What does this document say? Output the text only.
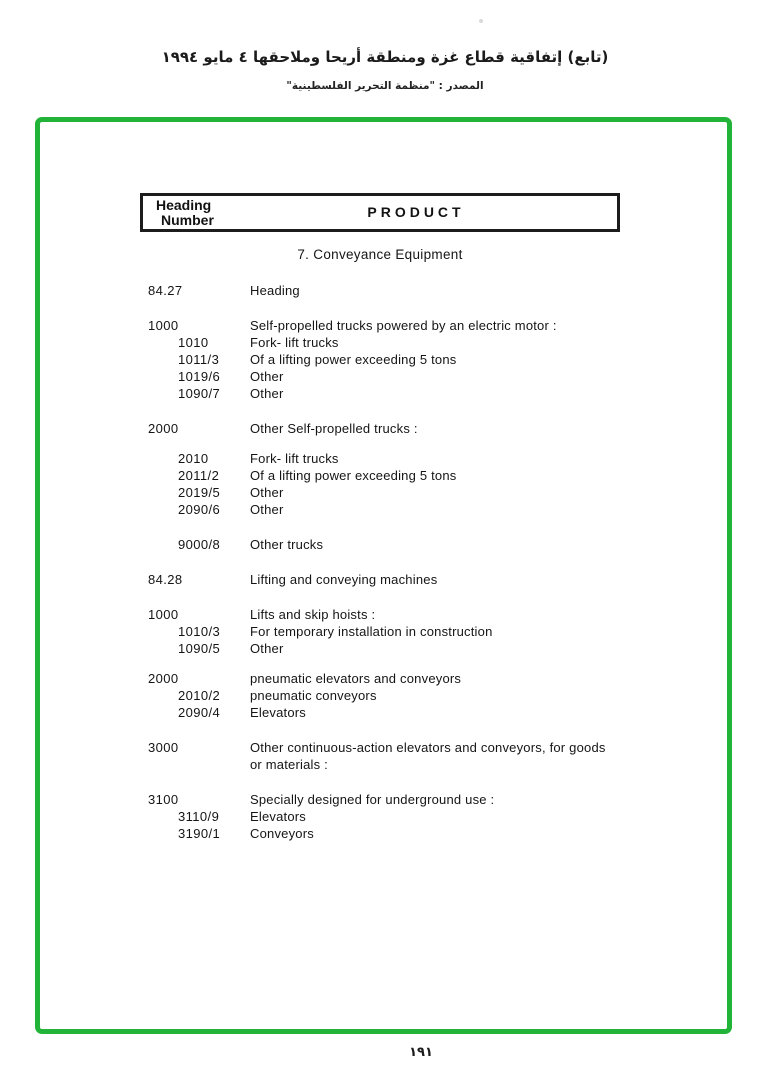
(تابع) إتفاقية قطاع غزة ومنطقة أريحا وملاحقها ٤ مايو ١٩٩٤
المصدر : "منظمة التحرير الفلسطينية"
Heading
Number	PRODUCT
7. Conveyance Equipment
84.27	Heading
1000	Self-propelled trucks powered by an electric motor :
1010	Fork- lift trucks
1011/3	Of a lifting power exceeding 5 tons
1019/6	Other
1090/7	Other
2000	Other Self-propelled trucks :
2010	Fork- lift trucks
2011/2	Of a lifting power exceeding 5 tons
2019/5	Other
2090/6	Other
9000/8	Other trucks
84.28	Lifting and conveying machines
1000	Lifts and skip hoists :
1010/3	For temporary installation in construction
1090/5	Other
2000	pneumatic elevators and conveyors
2010/2	pneumatic conveyors
2090/4	Elevators
3000	Other continuous-action elevators and conveyors, for goods
or materials :
3100	Specially designed for underground use :
3110/9	Elevators
3190/1	Conveyors
١٩١
